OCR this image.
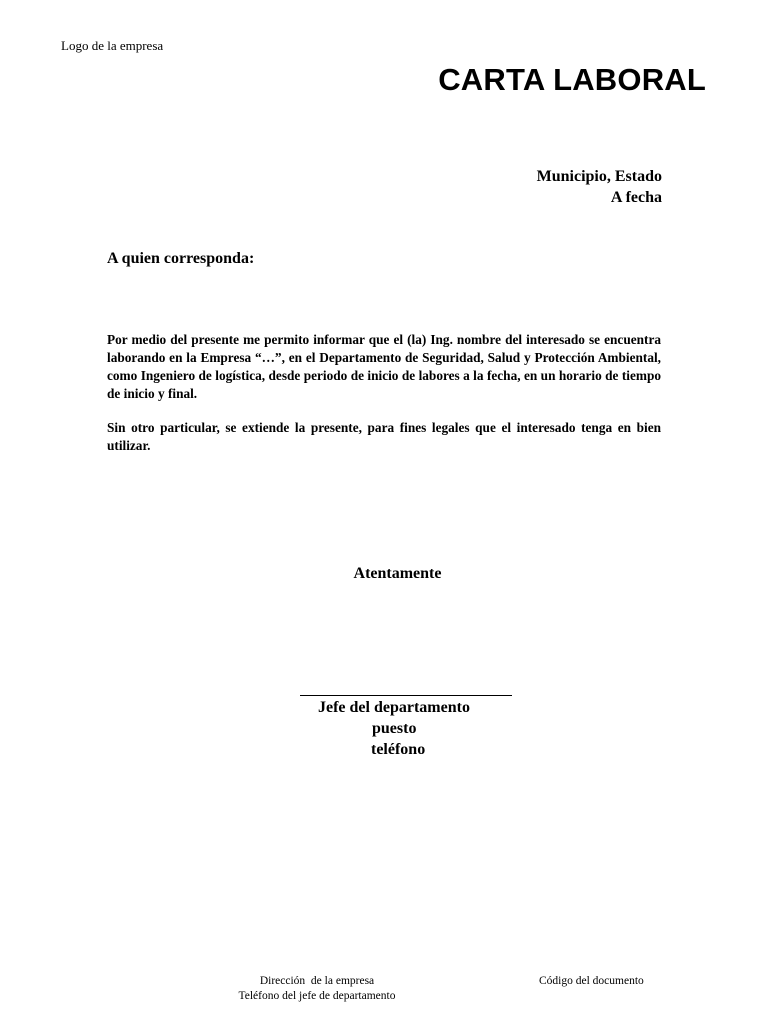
Logo de la empresa
CARTA LABORAL
Municipio, Estado
A fecha
A quien corresponda:

Por medio del presente me permito informar que el (la) Ing. nombre del interesado se encuentra laborando en la Empresa “…”, en el Departamento de Seguridad, Salud y Protección Ambiental, como Ingeniero de logística, desde periodo de inicio de labores a la fecha, en un horario de tiempo de inicio y final.

Sin otro particular, se extiende la presente, para fines legales que el interesado tenga en bien utilizar.

Atentamente
Jefe del departamento
puesto
teléfono
Dirección  de la empresa
Teléfono del jefe de departamento
Código del documento
